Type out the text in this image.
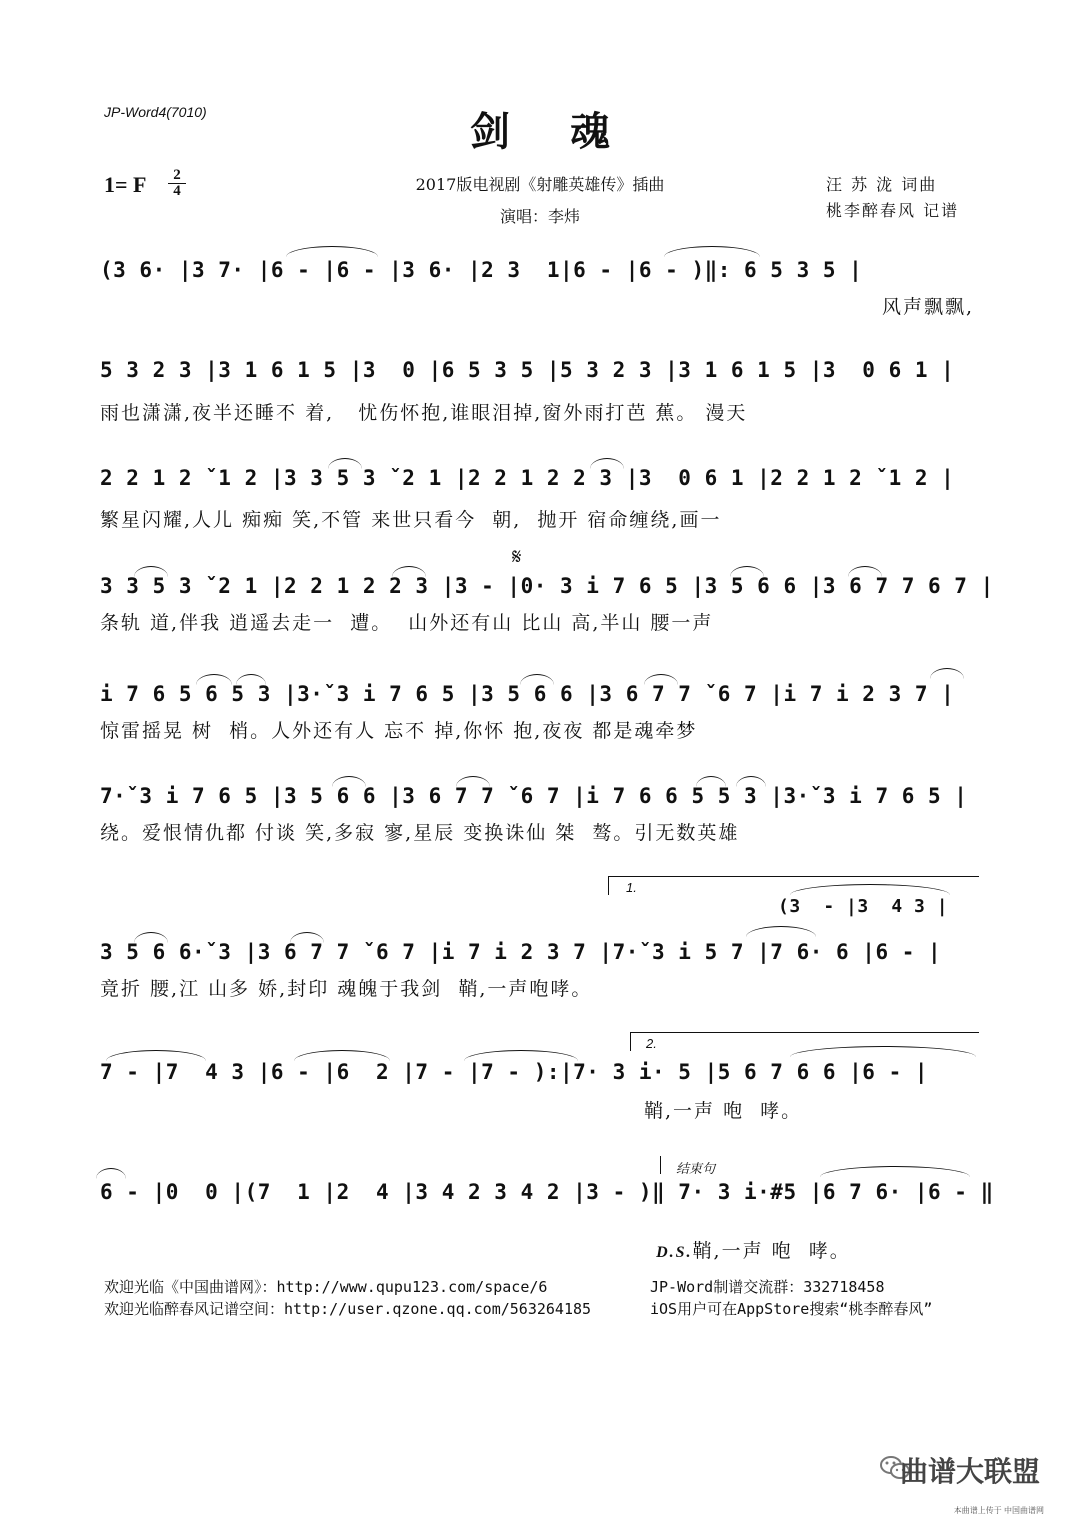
JP-Word4(7010)	剑魂
1= F	2
4	2017版电视剧《射雕英雄传》插曲
演唱：李炜
汪 苏 泷 词曲
桃李醉春风 记谱
(3 6· |3 7· |6 - |6 - |3 6· |2 3  1|6 - |6 - )‖: 6 5 3 5 |
风声飘飘,
5 3 2 3 |3 1 6 1 5 |3  0 |6 5 3 5 |5 3 2 3 |3 1 6 1 5 |3  0 6 1 |
雨也潇潇,夜半还睡不 着,   忧伤怀抱,谁眼泪掉,窗外雨打芭 蕉。 漫天
2 2 1 2 ˇ1 2 |3 3 5 3 ˇ2 1 |2 2 1 2 2 3 |3  0 6 1 |2 2 1 2 ˇ1 2 |
繁星闪耀,人儿 痴痴 笑,不管 来世只看今  朝,  抛开 宿命缠绕,画一
𝄋
3 3 5 3 ˇ2 1 |2 2 1 2 2 3 |3 - |0· 3 i 7 6 5 |3 5 6 6 |3 6 7 7 6 7 |
条轨 道,伴我 逍遥去走一  遭。  山外还有山 比山 高,半山 腰一声
i 7 6 5 6 5 3 |3·ˇ3 i 7 6 5 |3 5 6 6 |3 6 7 7 ˇ6 7 |i 7 i 2 3 7 |
惊雷摇晃 树  梢。人外还有人 忘不 掉,你怀 抱,夜夜 都是魂牵梦
7·ˇ3 i 7 6 5 |3 5 6 6 |3 6 7 7 ˇ6 7 |i 7 6 6 5 5 3 |3·ˇ3 i 7 6 5 |
绕。爱恨情仇都 付谈 笑,多寂 寥,星辰 变换诛仙 桀  骜。引无数英雄
1.
(3  - |3  4 3 |
3 5 6 6·ˇ3 |3 6 7 7 ˇ6 7 |i 7 i 2 3 7 |7·ˇ3 i 5 7 |7 6· 6 |6 - |
竟折 腰,江 山多 娇,封印 魂魄于我剑  鞘,一声咆哮。
2.
7 - |7  4 3 |6 - |6  2 |7 - |7 - ):|7· 3 i· 5 |5 6 7 6 6 |6 - |
鞘,一声 咆  哮。
结束句
6 - |0  0 |(7  1 |2  4 |3 4 2 3 4 2 |3 - )‖ 7· 3 i·#5 |6 7 6· |6 - ‖

D.S.鞘,一声 咆  哮。

欢迎光临《中国曲谱网》：http://www.qupu123.com/space/6
欢迎光临醉春风记谱空间：http://user.qzone.qq.com/563264185
JP-Word制谱交流群：332718458
iOS用户可在AppStore搜索“桃李醉春风”
曲谱大联盟
本曲谱上传于 中国曲谱网
